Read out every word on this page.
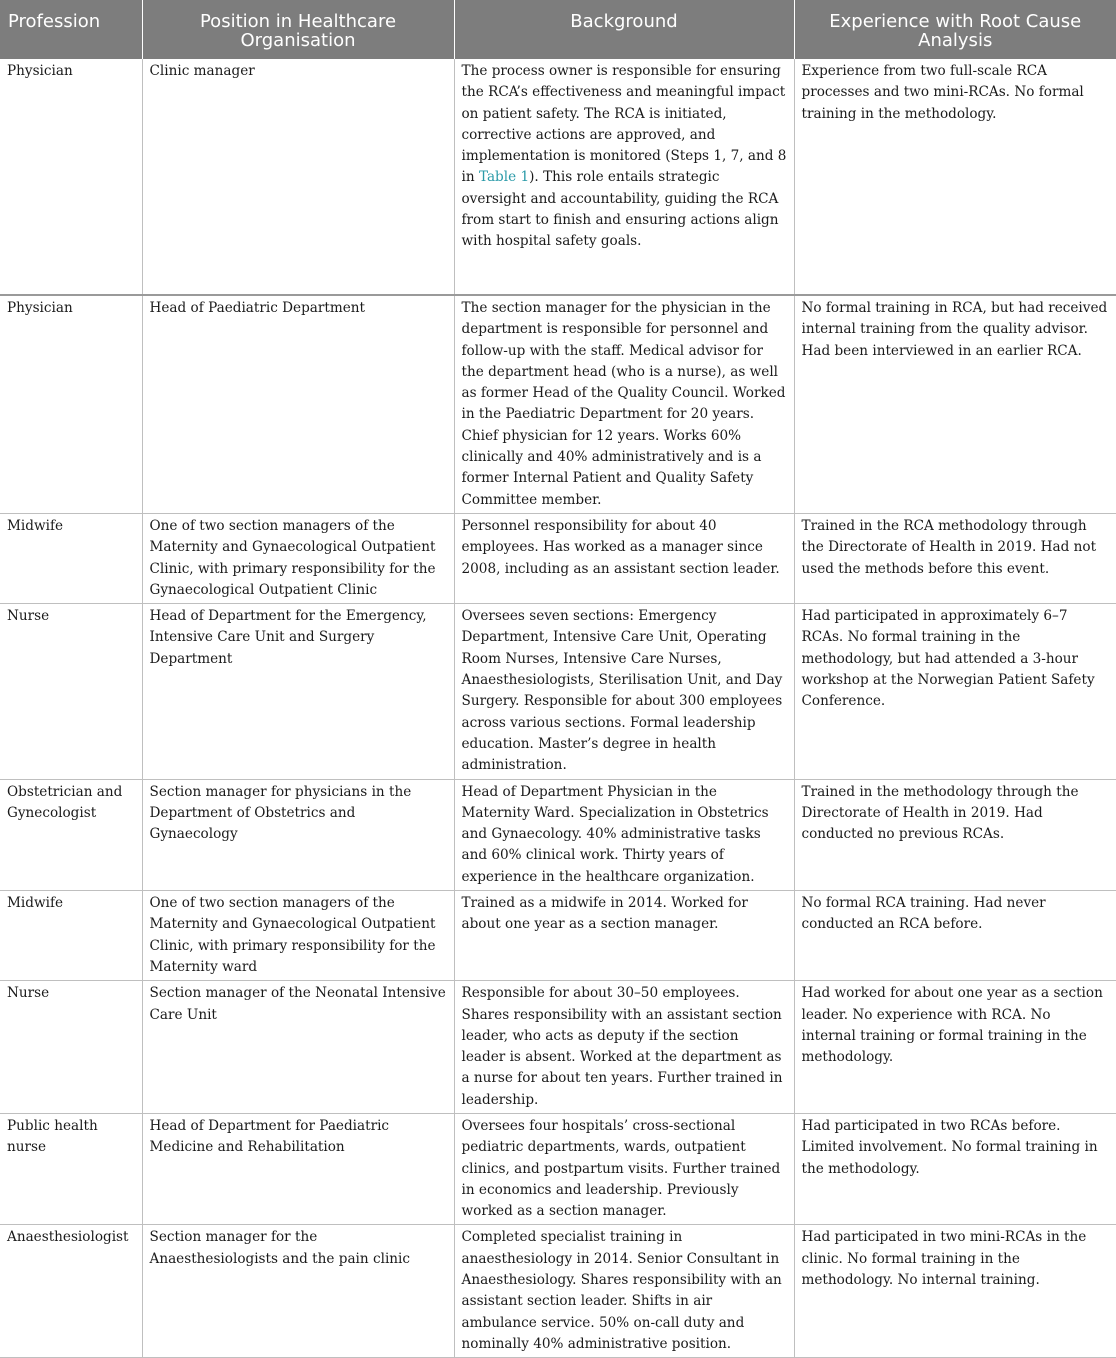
Profession	Position in Healthcare Organisation	Background	Experience with Root Cause Analysis
Physician	Clinic manager	The process owner is responsible for ensuring the RCA’s effectiveness and meaningful impact on patient safety. The RCA is initiated, corrective actions are approved, and implementation is monitored (Steps 1, 7, and 8 in Table 1). This role entails strategic oversight and accountability, guiding the RCA from start to finish and ensuring actions align with hospital safety goals.	Experience from two full-scale RCA processes and two mini-RCAs. No formal training in the methodology.
Physician	Head of Paediatric Department	The section manager for the physician in the department is responsible for personnel and follow-up with the staff. Medical advisor for the department head (who is a nurse), as well as former Head of the Quality Council. Worked in the Paediatric Department for 20 years. Chief physician for 12 years. Works 60% clinically and 40% administratively and is a former Internal Patient and Quality Safety Committee member.	No formal training in RCA, but had received internal training from the quality advisor. Had been interviewed in an earlier RCA.
Midwife	One of two section managers of the Maternity and Gynaecological Outpatient Clinic, with primary responsibility for the Gynaecological Outpatient Clinic	Personnel responsibility for about 40 employees. Has worked as a manager since 2008, including as an assistant section leader.	Trained in the RCA methodology through the Directorate of Health in 2019. Had not used the methods before this event.
Nurse	Head of Department for the Emergency, Intensive Care Unit and Surgery Department	Oversees seven sections: Emergency Department, Intensive Care Unit, Operating Room Nurses, Intensive Care Nurses, Anaesthesiologists, Sterilisation Unit, and Day Surgery. Responsible for about 300 employees across various sections. Formal leadership education. Master’s degree in health administration.	Had participated in approximately 6–7 RCAs. No formal training in the methodology, but had attended a 3-hour workshop at the Norwegian Patient Safety Conference.
Obstetrician and Gynecologist	Section manager for physicians in the Department of Obstetrics and Gynaecology	Head of Department Physician in the Maternity Ward. Specialization in Obstetrics and Gynaecology. 40% administrative tasks and 60% clinical work. Thirty years of experience in the healthcare organization.	Trained in the methodology through the Directorate of Health in 2019. Had conducted no previous RCAs.
Midwife	One of two section managers of the Maternity and Gynaecological Outpatient Clinic, with primary responsibility for the Maternity ward	Trained as a midwife in 2014. Worked for about one year as a section manager.	No formal RCA training. Had never conducted an RCA before.
Nurse	Section manager of the Neonatal Intensive Care Unit	Responsible for about 30–50 employees. Shares responsibility with an assistant section leader, who acts as deputy if the section leader is absent. Worked at the department as a nurse for about ten years. Further trained in leadership.	Had worked for about one year as a section leader. No experience with RCA. No internal training or formal training in the methodology.
Public health nurse	Head of Department for Paediatric Medicine and Rehabilitation	Oversees four hospitals’ cross-sectional pediatric departments, wards, outpatient clinics, and postpartum visits. Further trained in economics and leadership. Previously worked as a section manager.	Had participated in two RCAs before. Limited involvement. No formal training in the methodology.
Anaesthesiologist	Section manager for the Anaesthesiologists and the pain clinic	Completed specialist training in anaesthesiology in 2014. Senior Consultant in Anaesthesiology. Shares responsibility with an assistant section leader. Shifts in air ambulance service. 50% on-call duty and nominally 40% administrative position.	Had participated in two mini-RCAs in the clinic. No formal training in the methodology. No internal training.
